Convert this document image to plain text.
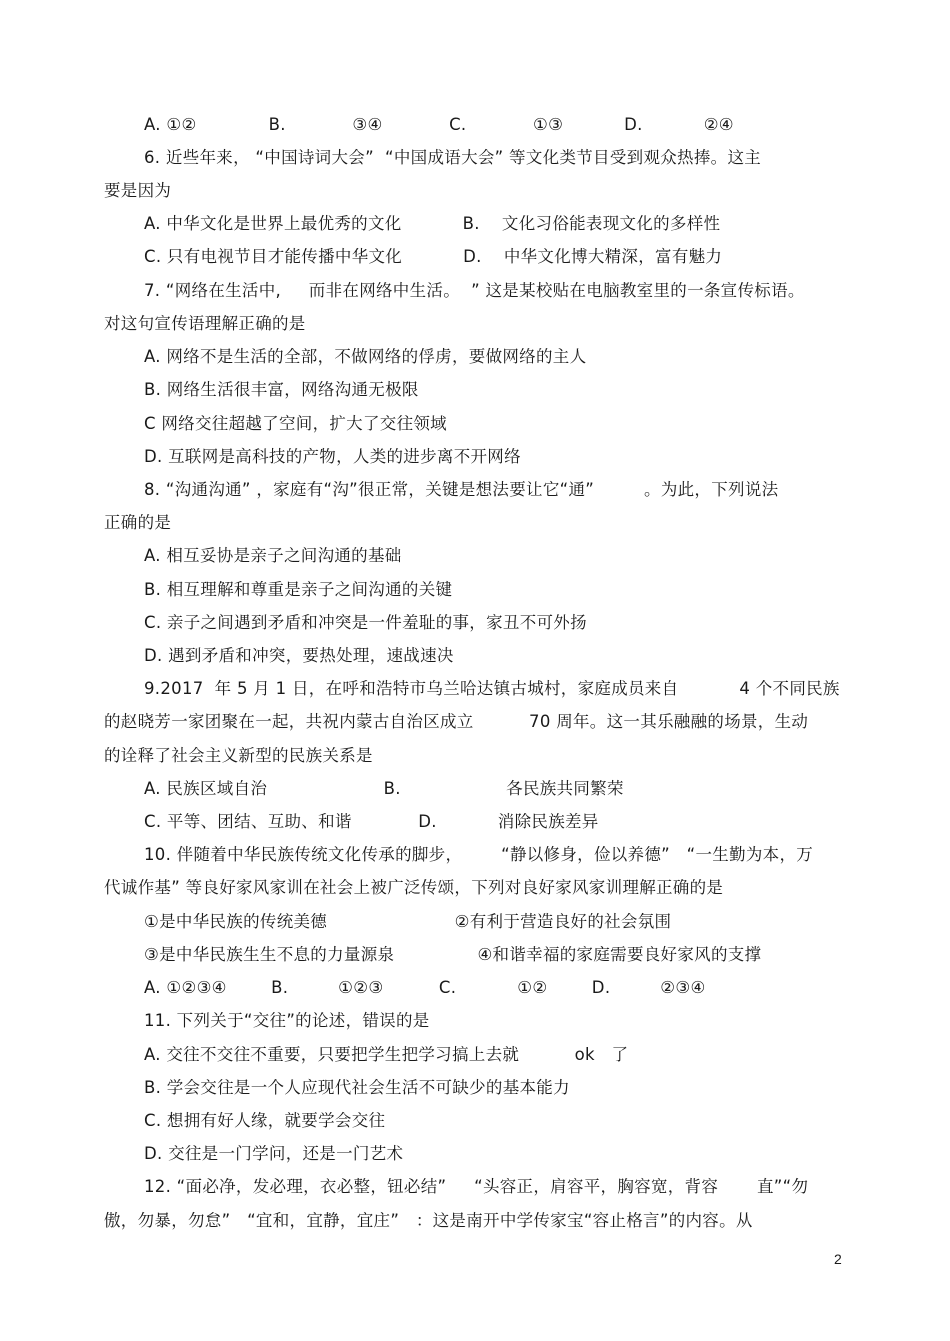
A. ①②             B.            ③④            C.            ①③           D.           ②④
6. 近些年来， “中国诗词大会”  “中国成语大会” 等文化类节目受到观众热捧。这主
要是因为
A. 中华文化是世界上最优秀的文化           B.    文化习俗能表现文化的多样性
C. 只有电视节目才能传播中华文化           D.    中华文化博大精深，富有魅力
7. “网络在生活中,     而非在网络中生活。  ” 这是某校贴在电脑教室里的一条宣传标语。
对这句宣传语理解正确的是
A. 网络不是生活的全部，不做网络的俘虏，要做网络的主人
B. 网络生活很丰富，网络沟通无极限
C 网络交往超越了空间，扩大了交往领域
D. 互联网是高科技的产物，人类的进步离不开网络
8. “沟通沟通” ，家庭有“沟”很正常，关键是想法要让它“通”         。为此，下列说法
正确的是
A. 相互妥协是亲子之间沟通的基础
B. 相互理解和尊重是亲子之间沟通的关键
C. 亲子之间遇到矛盾和冲突是一件羞耻的事，家丑不可外扬
D. 遇到矛盾和冲突，要热处理，速战速决
9.2017  年 5 月 1 日，在呼和浩特市乌兰哈达镇古城村，家庭成员来自           4 个不同民族
的赵晓芳一家团聚在一起，共祝内蒙古自治区成立          70 周年。这一其乐融融的场景，生动
的诠释了社会主义新型的民族关系是
A. 民族区域自治                     B.                   各民族共同繁荣
C. 平等、团结、互助、和谐            D.           消除民族差异
10. 伴随着中华民族传统文化传承的脚步，       “静以修身，俭以养德”   “一生勤为本，万
代诚作基” 等良好家风家训在社会上被广泛传颂，下列对良好家风家训理解正确的是
①是中华民族的传统美德                       ②有利于营造良好的社会氛围
③是中华民族生生不息的力量源泉               ④和谐幸福的家庭需要良好家风的支撑
A. ①②③④        B.         ①②③          C.           ①②        D.         ②③④
11. 下列关于“交往”的论述，错误的是
A. 交往不交往不重要，只要把学生把学习搞上去就          ok   了
B. 学会交往是一个人应现代社会生活不可缺少的基本能力
C. 想拥有好人缘，就要学会交往
D. 交往是一门学问，还是一门艺术
12. “面必净，发必理，衣必整，钮必结”     “头容正，肩容平，胸容宽，背容       直”“勿
傲，勿暴，勿怠”   “宜和，宜静，宜庄”   ：这是南开中学传家宝“容止格言”的内容。从
2
